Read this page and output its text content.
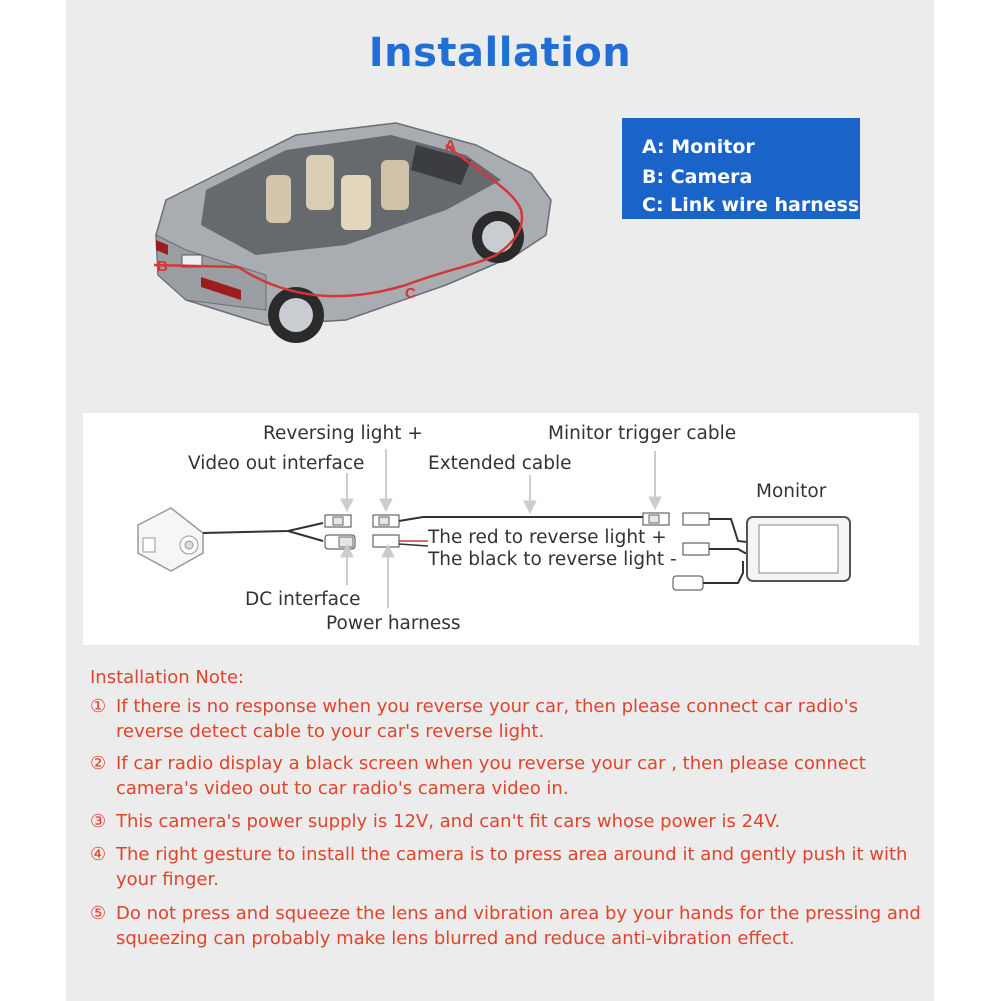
Installation
A
B
C
A: Monitor
B: Camera
C: Link wire harness
Reversing light +	Minitor trigger cable
Video out interface	Extended cable
Monitor
The red to reverse light +
The black to reverse light -
DC interface
Power harness
Installation Note:
① If there is no response when you reverse your car, then please connect car radio's reverse detect cable to your car's reverse light.
② If car radio display a black screen when you reverse your car , then please connect camera's video out to car radio's camera video in.
③ This camera's power supply is 12V, and can't fit cars whose power is 24V.
④ The right gesture to install the camera is to press area around it and gently push it with your finger.
⑤ Do not press and squeeze the lens and vibration area by your hands for the pressing and squeezing can probably make lens blurred and reduce anti-vibration effect.
